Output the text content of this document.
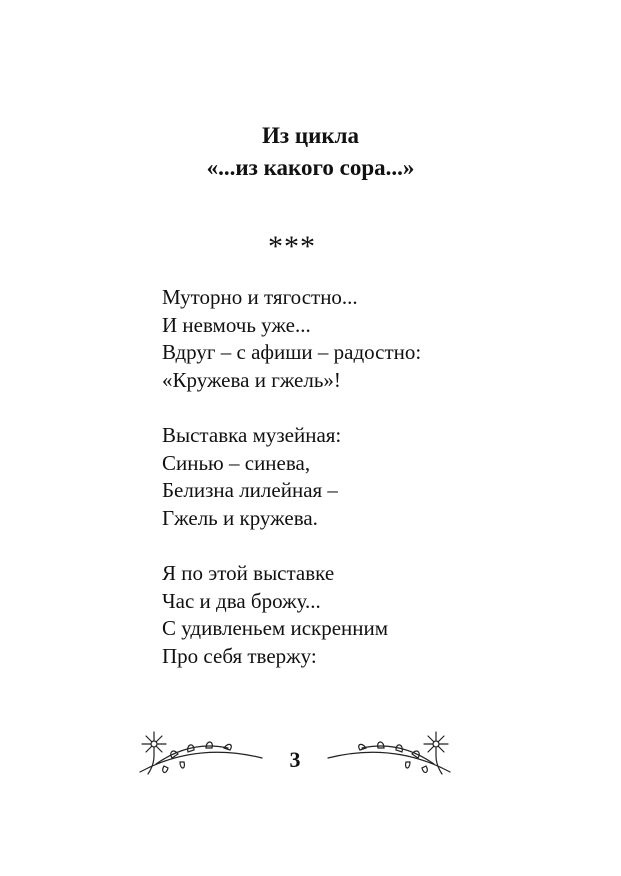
Из цикла
«...из какого сора...»
***
Муторно и тягостно...
И невмочь уже...
Вдруг – с афиши – радостно:
«Кружева и гжель»!
Выставка музейная:
Синью – синева,
Белизна лилейная –
Гжель и кружева.
Я по этой выставке
Час и два брожу...
С удивленьем искренним
Про себя твержу:
3
